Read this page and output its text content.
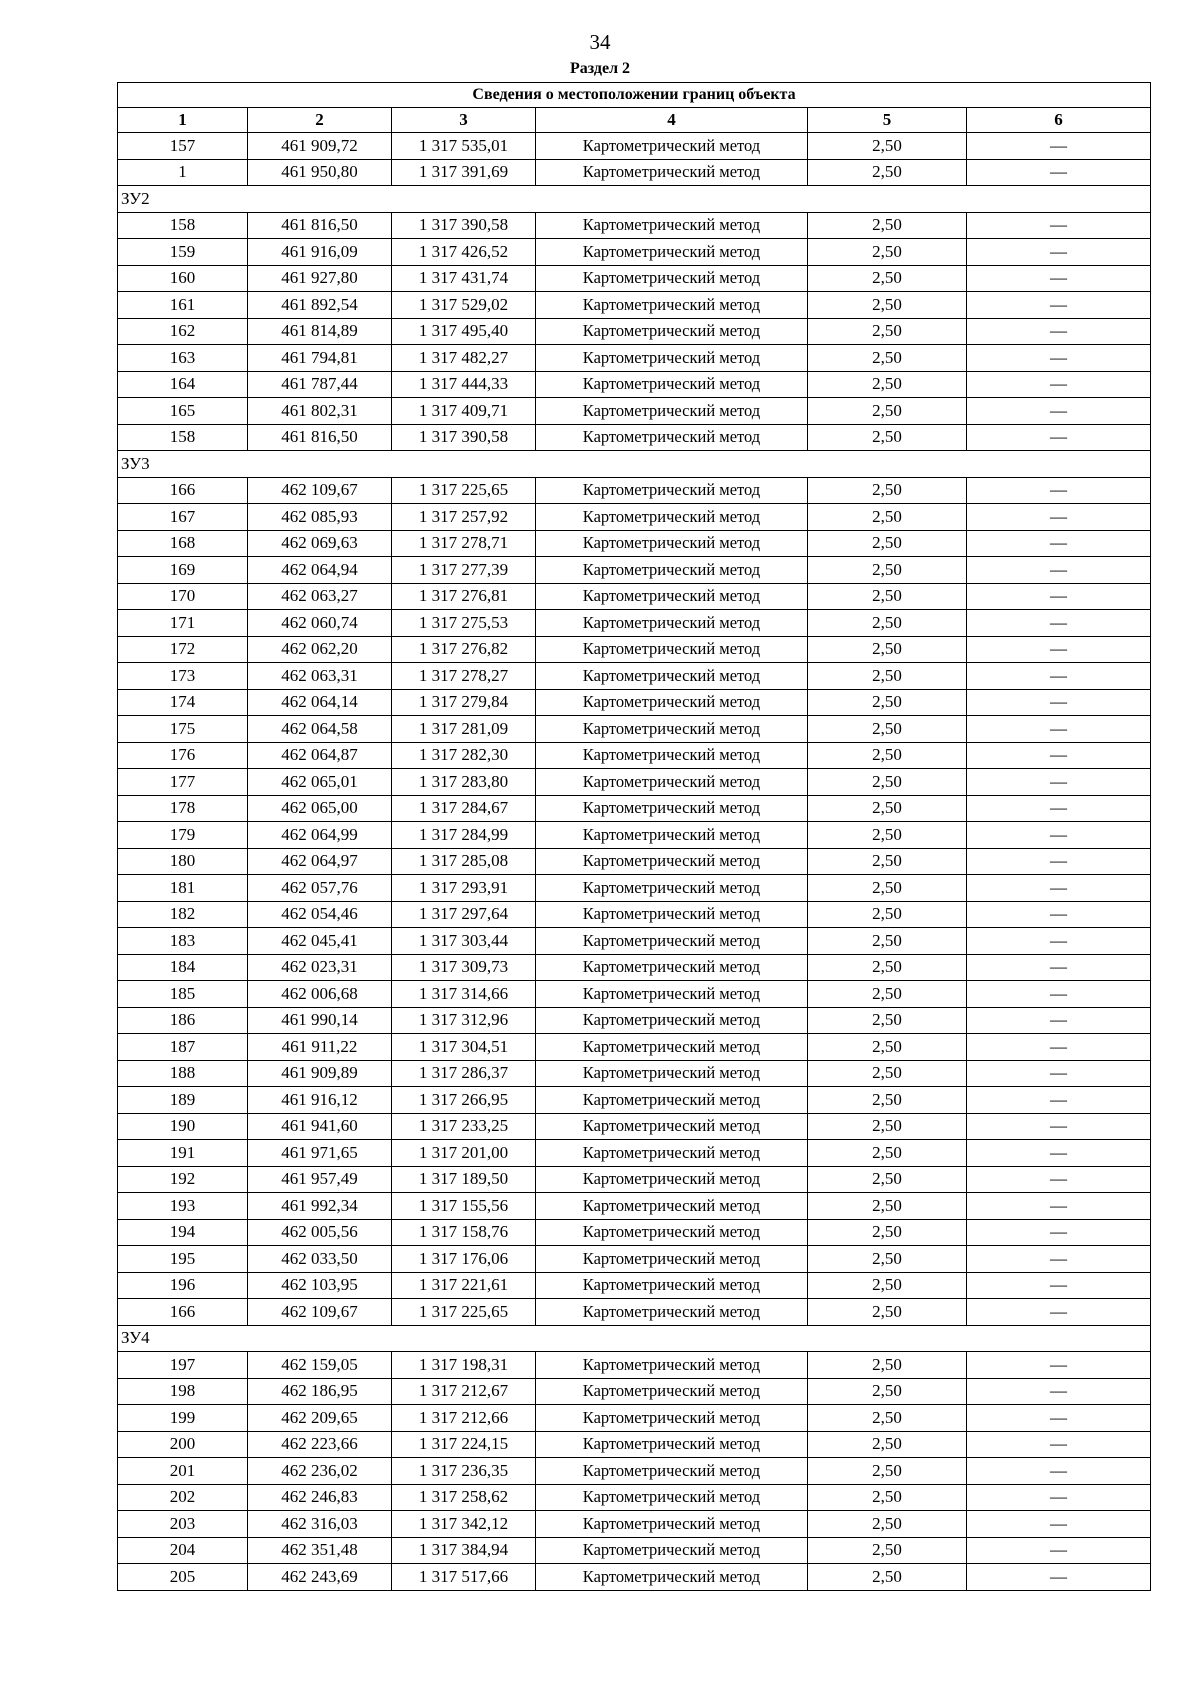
34
Раздел 2
Сведения о местоположении границ объекта					
1	2	3	4	5	6
157	461 909,72	1 317 535,01	Картометрический метод	2,50	—
1	461 950,80	1 317 391,69	Картометрический метод	2,50	—
ЗУ2					
158	461 816,50	1 317 390,58	Картометрический метод	2,50	—
159	461 916,09	1 317 426,52	Картометрический метод	2,50	—
160	461 927,80	1 317 431,74	Картометрический метод	2,50	—
161	461 892,54	1 317 529,02	Картометрический метод	2,50	—
162	461 814,89	1 317 495,40	Картометрический метод	2,50	—
163	461 794,81	1 317 482,27	Картометрический метод	2,50	—
164	461 787,44	1 317 444,33	Картометрический метод	2,50	—
165	461 802,31	1 317 409,71	Картометрический метод	2,50	—
158	461 816,50	1 317 390,58	Картометрический метод	2,50	—
ЗУ3					
166	462 109,67	1 317 225,65	Картометрический метод	2,50	—
167	462 085,93	1 317 257,92	Картометрический метод	2,50	—
168	462 069,63	1 317 278,71	Картометрический метод	2,50	—
169	462 064,94	1 317 277,39	Картометрический метод	2,50	—
170	462 063,27	1 317 276,81	Картометрический метод	2,50	—
171	462 060,74	1 317 275,53	Картометрический метод	2,50	—
172	462 062,20	1 317 276,82	Картометрический метод	2,50	—
173	462 063,31	1 317 278,27	Картометрический метод	2,50	—
174	462 064,14	1 317 279,84	Картометрический метод	2,50	—
175	462 064,58	1 317 281,09	Картометрический метод	2,50	—
176	462 064,87	1 317 282,30	Картометрический метод	2,50	—
177	462 065,01	1 317 283,80	Картометрический метод	2,50	—
178	462 065,00	1 317 284,67	Картометрический метод	2,50	—
179	462 064,99	1 317 284,99	Картометрический метод	2,50	—
180	462 064,97	1 317 285,08	Картометрический метод	2,50	—
181	462 057,76	1 317 293,91	Картометрический метод	2,50	—
182	462 054,46	1 317 297,64	Картометрический метод	2,50	—
183	462 045,41	1 317 303,44	Картометрический метод	2,50	—
184	462 023,31	1 317 309,73	Картометрический метод	2,50	—
185	462 006,68	1 317 314,66	Картометрический метод	2,50	—
186	461 990,14	1 317 312,96	Картометрический метод	2,50	—
187	461 911,22	1 317 304,51	Картометрический метод	2,50	—
188	461 909,89	1 317 286,37	Картометрический метод	2,50	—
189	461 916,12	1 317 266,95	Картометрический метод	2,50	—
190	461 941,60	1 317 233,25	Картометрический метод	2,50	—
191	461 971,65	1 317 201,00	Картометрический метод	2,50	—
192	461 957,49	1 317 189,50	Картометрический метод	2,50	—
193	461 992,34	1 317 155,56	Картометрический метод	2,50	—
194	462 005,56	1 317 158,76	Картометрический метод	2,50	—
195	462 033,50	1 317 176,06	Картометрический метод	2,50	—
196	462 103,95	1 317 221,61	Картометрический метод	2,50	—
166	462 109,67	1 317 225,65	Картометрический метод	2,50	—
ЗУ4					
197	462 159,05	1 317 198,31	Картометрический метод	2,50	—
198	462 186,95	1 317 212,67	Картометрический метод	2,50	—
199	462 209,65	1 317 212,66	Картометрический метод	2,50	—
200	462 223,66	1 317 224,15	Картометрический метод	2,50	—
201	462 236,02	1 317 236,35	Картометрический метод	2,50	—
202	462 246,83	1 317 258,62	Картометрический метод	2,50	—
203	462 316,03	1 317 342,12	Картометрический метод	2,50	—
204	462 351,48	1 317 384,94	Картометрический метод	2,50	—
205	462 243,69	1 317 517,66	Картометрический метод	2,50	—
